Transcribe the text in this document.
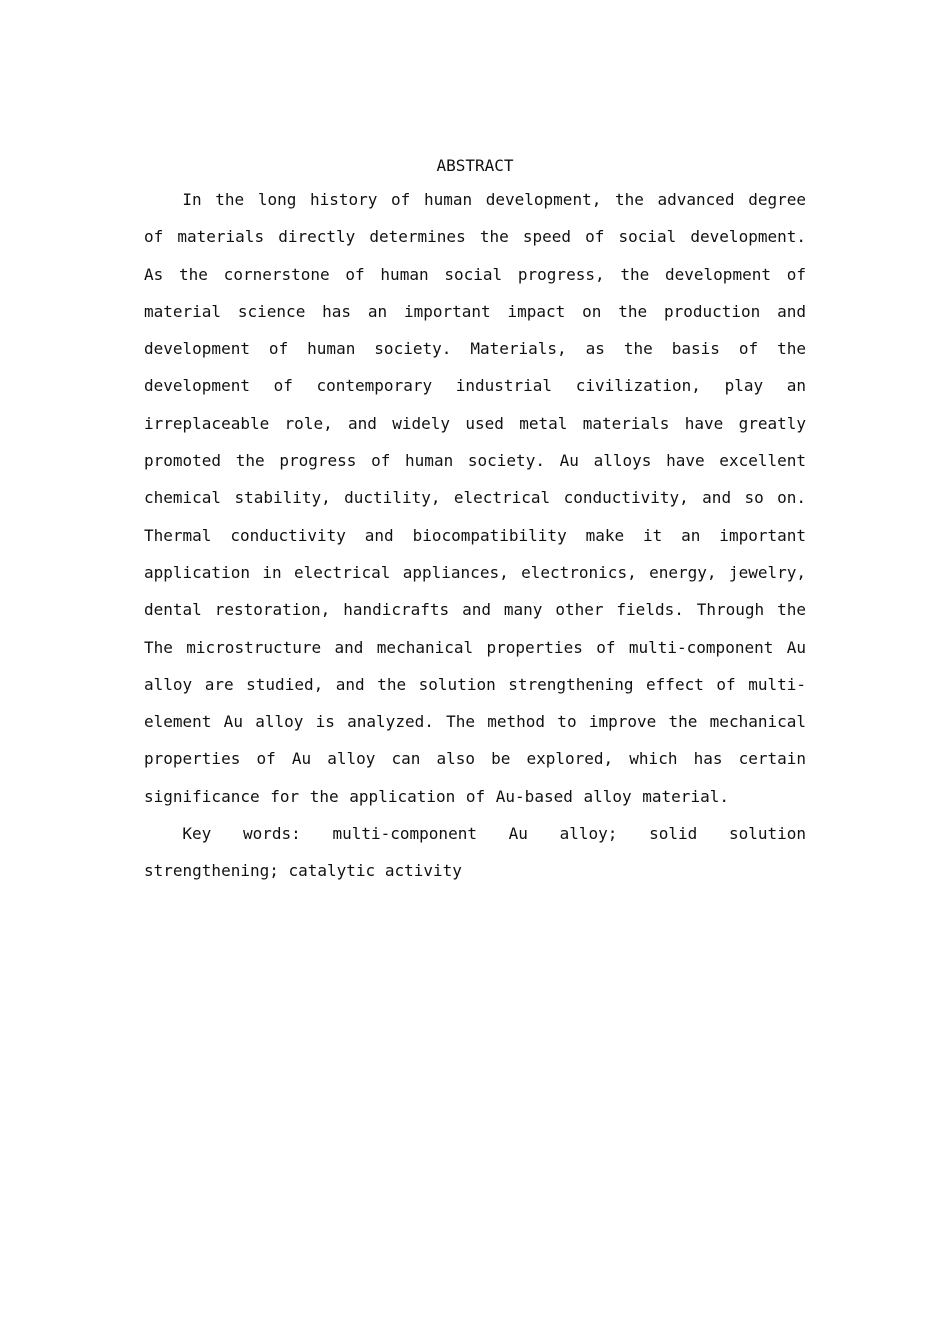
ABSTRACT

In the long history of human development, the advanced degree of materials directly determines the speed of social development. As the cornerstone of human social progress, the development of material science has an important impact on the production and development of human society. Materials, as the basis of the development of contemporary industrial civilization, play an irreplaceable role, and widely used metal materials have greatly promoted the progress of human society. Au alloys have excellent chemical stability, ductility, electrical conductivity, and so on. Thermal conductivity and biocompatibility make it an important application in electrical appliances, electronics, energy, jewelry, dental restoration, handicrafts and many other fields. Through the The microstructure and mechanical properties of multi-component Au alloy are studied, and the solution strengthening effect of multi-element Au alloy is analyzed. The method to improve the mechanical properties of Au alloy can also be explored, which has certain significance for the application of Au-based alloy material.

Key words: multi-component Au alloy; solid solution strengthening; catalytic activity
